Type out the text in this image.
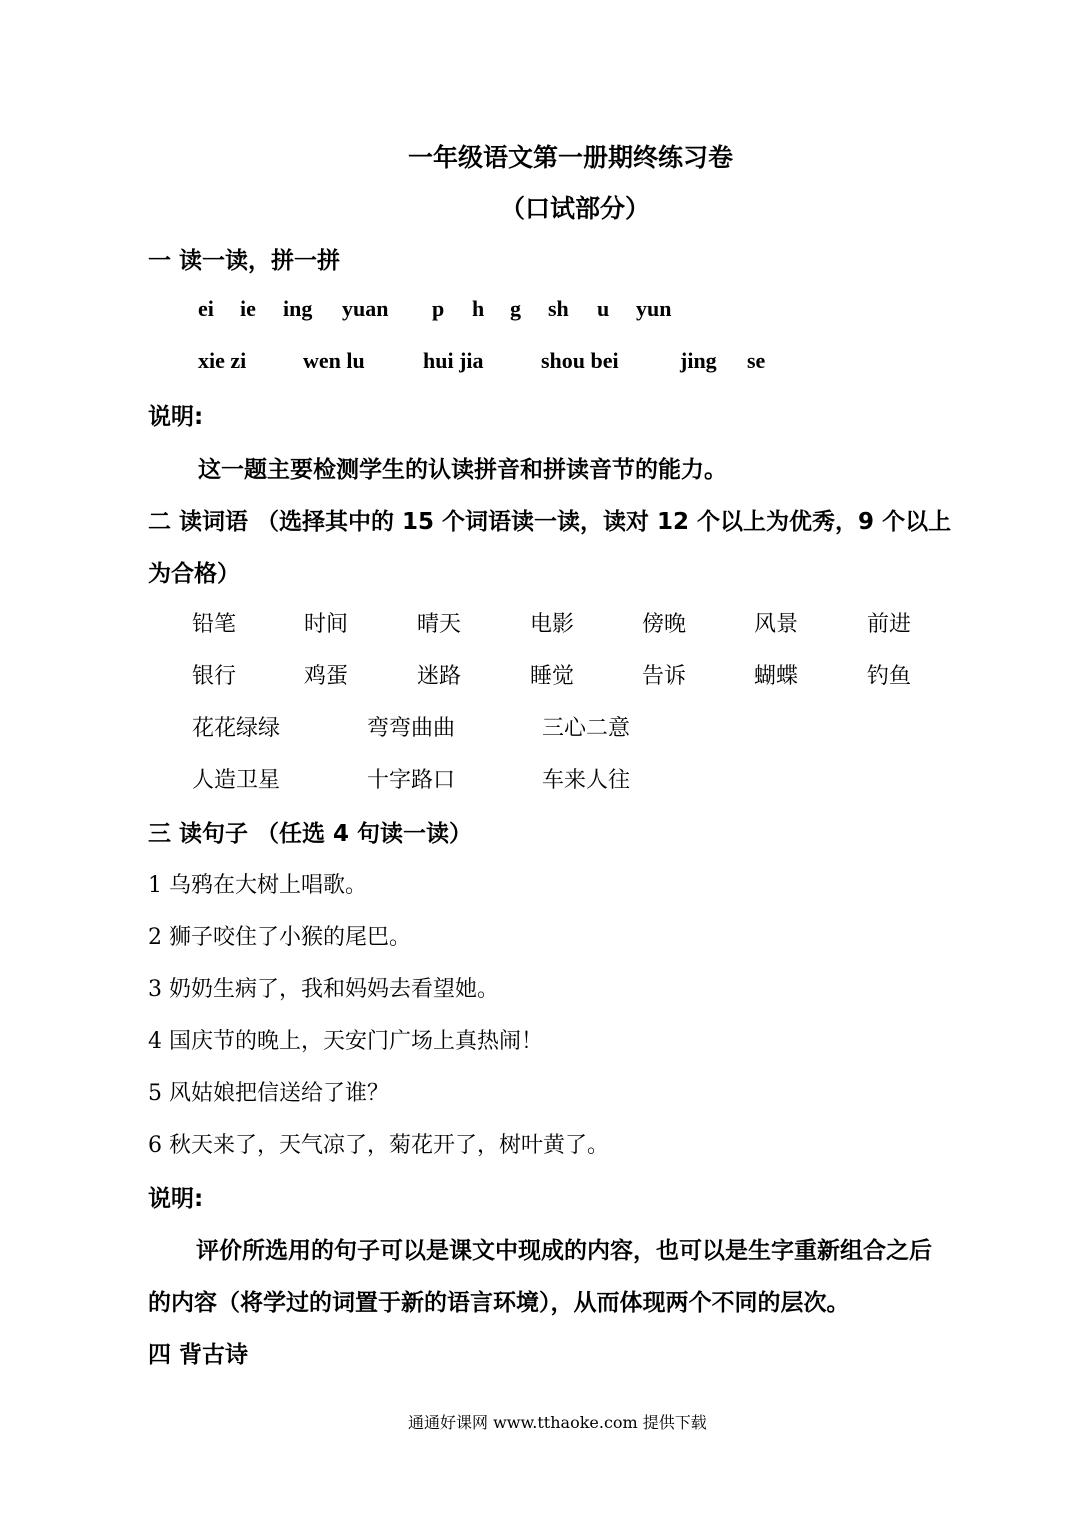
一年级语文第一册期终练习卷
（口试部分）
一 读一读，拼一拼
ei ie ing yuan p h g sh u yun
xie zi	wen lu	hui jia	shou bei	jing se
说明:
这一题主要检测学生的认读拼音和拼读音节的能力。
二 读词语 （选择其中的 15 个词语读一读，读对 12 个以上为优秀，9 个以上
为合格）
铅笔	时间	晴天	电影	傍晚	风景	前进
银行	鸡蛋	迷路	睡觉	告诉	蝴蝶	钓鱼
花花绿绿	弯弯曲曲	三心二意
人造卫星	十字路口	车来人往
三 读句子 （任选 4 句读一读）
1 乌鸦在大树上唱歌。
2 狮子咬住了小猴的尾巴。
3 奶奶生病了，我和妈妈去看望她。
4 国庆节的晚上，天安门广场上真热闹！
5 风姑娘把信送给了谁？
6 秋天来了，天气凉了，菊花开了，树叶黄了。
说明:
评价所选用的句子可以是课文中现成的内容，也可以是生字重新组合之后
的内容（将学过的词置于新的语言环境），从而体现两个不同的层次。
四 背古诗
通通好课网 www.tthaoke.com 提供下载
